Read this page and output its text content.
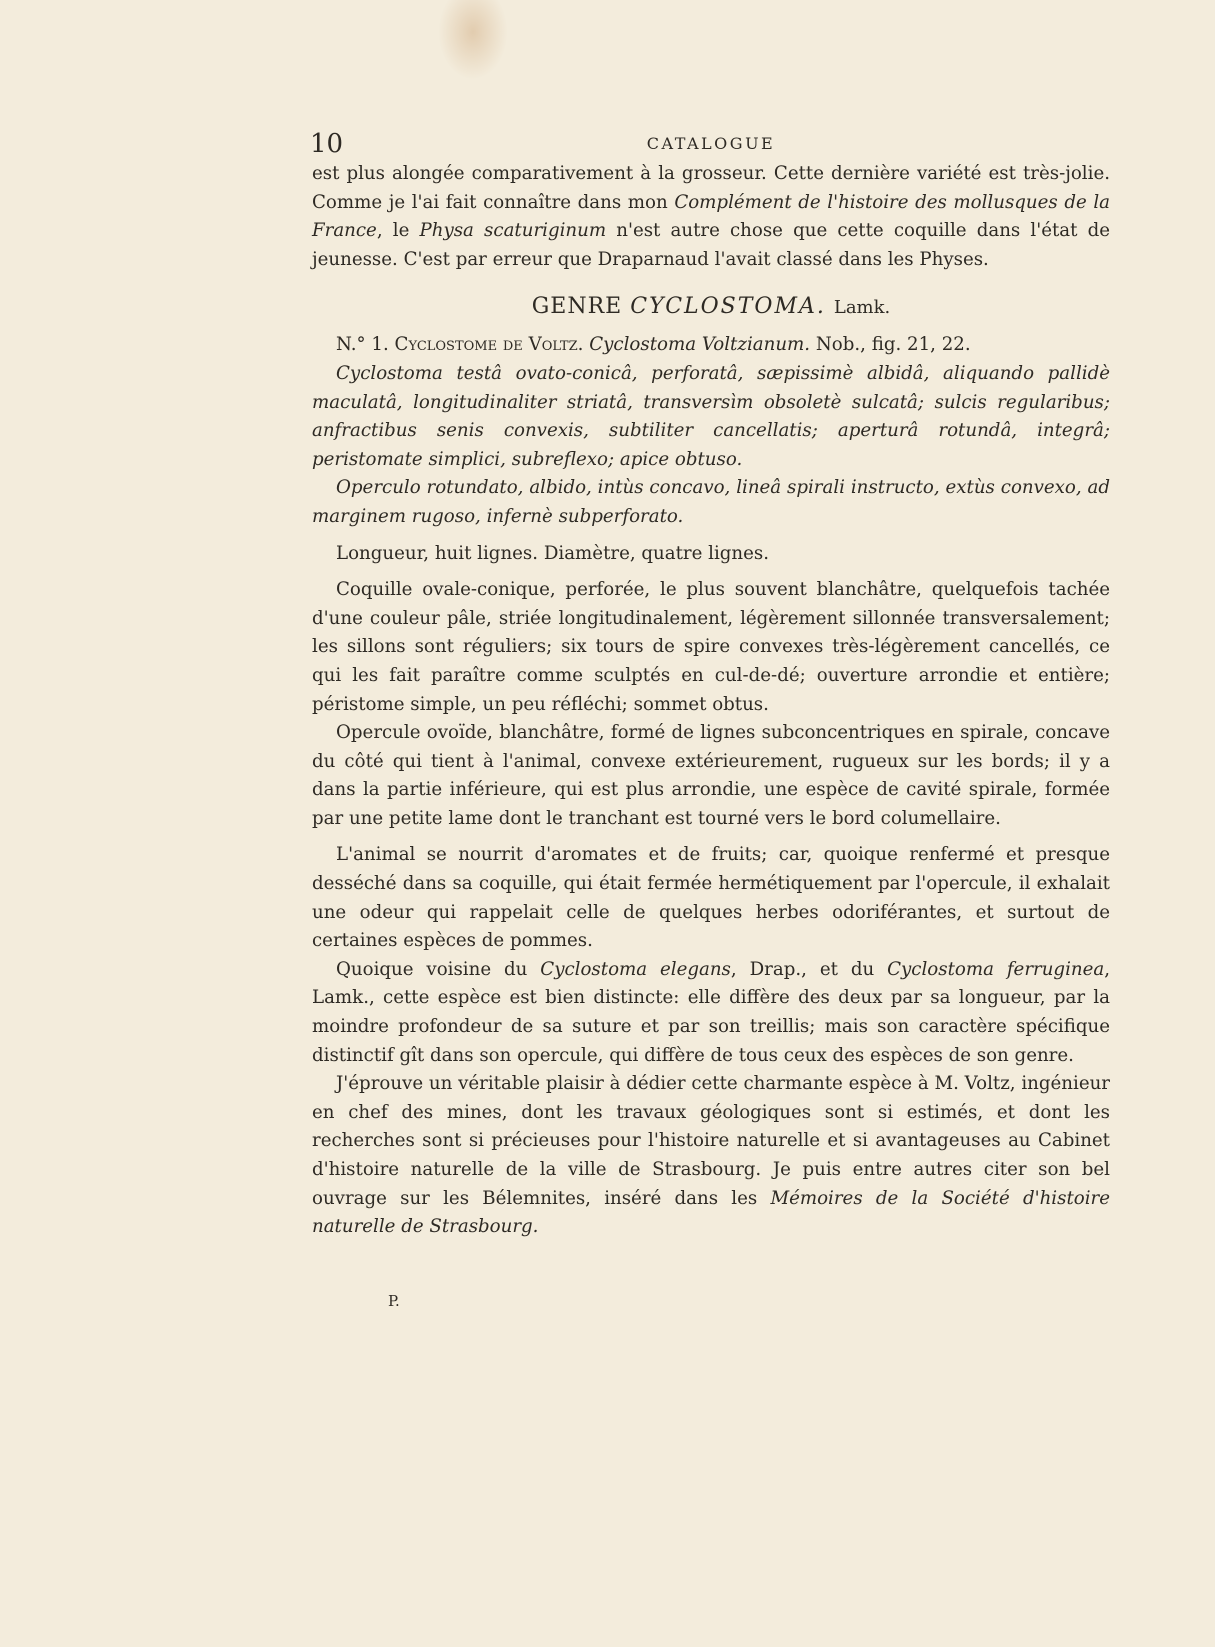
10	CATALOGUE

est plus alongée comparativement à la grosseur. Cette dernière variété est très-jolie. Comme je l'ai fait connaître dans mon Complément de l'histoire des mollusques de la France, le Physa scaturiginum n'est autre chose que cette coquille dans l'état de jeunesse. C'est par erreur que Draparnaud l'avait classé dans les Physes.

GENRE CYCLOSTOMA. Lamk.

N.° 1. Cyclostome de Voltz. Cyclostoma Voltzianum. Nob., fig. 21, 22.

Cyclostoma testâ ovato-conicâ, perforatâ, sæpissimè albidâ, aliquando pallidè maculatâ, longitudinaliter striatâ, transversìm obsoletè sulcatâ; sulcis regularibus; anfractibus senis convexis, subtiliter cancellatis; aperturâ rotundâ, integrâ; peristomate simplici, subreflexo; apice obtuso.

Operculo rotundato, albido, intùs concavo, lineâ spirali instructo, extùs convexo, ad marginem rugoso, infernè subperforato.

Longueur, huit lignes. Diamètre, quatre lignes.

Coquille ovale-conique, perforée, le plus souvent blanchâtre, quelquefois tachée d'une couleur pâle, striée longitudinalement, légèrement sillonnée transversalement; les sillons sont réguliers; six tours de spire convexes très-légèrement cancellés, ce qui les fait paraître comme sculptés en cul-de-dé; ouverture arrondie et entière; péristome simple, un peu réfléchi; sommet obtus.

Opercule ovoïde, blanchâtre, formé de lignes subconcentriques en spirale, concave du côté qui tient à l'animal, convexe extérieurement, rugueux sur les bords; il y a dans la partie inférieure, qui est plus arrondie, une espèce de cavité spirale, formée par une petite lame dont le tranchant est tourné vers le bord columellaire.

L'animal se nourrit d'aromates et de fruits; car, quoique renfermé et presque desséché dans sa coquille, qui était fermée hermétiquement par l'opercule, il exhalait une odeur qui rappelait celle de quelques herbes odoriférantes, et surtout de certaines espèces de pommes.

Quoique voisine du Cyclostoma elegans, Drap., et du Cyclostoma ferruginea, Lamk., cette espèce est bien distincte: elle diffère des deux par sa longueur, par la moindre profondeur de sa suture et par son treillis; mais son caractère spécifique distinctif gît dans son opercule, qui diffère de tous ceux des espèces de son genre.

J'éprouve un véritable plaisir à dédier cette charmante espèce à M. Voltz, ingénieur en chef des mines, dont les travaux géologiques sont si estimés, et dont les recherches sont si précieuses pour l'histoire naturelle et si avantageuses au Cabinet d'histoire naturelle de la ville de Strasbourg. Je puis entre autres citer son bel ouvrage sur les Bélemnites, inséré dans les Mémoires de la Société d'histoire naturelle de Strasbourg.

P.
